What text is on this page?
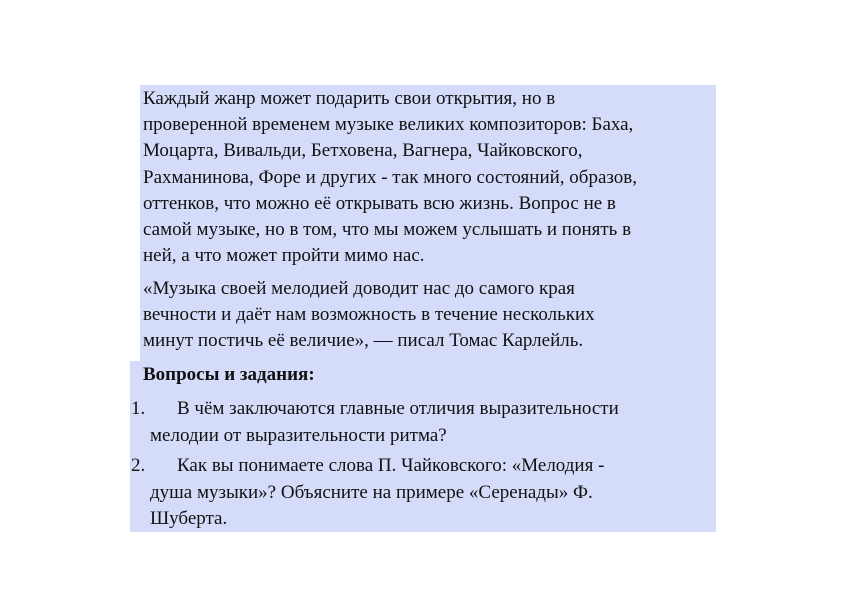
Каждый жанр может подарить свои открытия, но в
проверенной временем музыке великих композиторов: Баха,
Моцарта, Вивальди, Бетховена, Вагнера, Чайковского,
Рахманинова, Форе и других - так много состояний, образов,
оттенков, что можно её открывать всю жизнь. Вопрос не в
самой музыке, но в том, что мы можем услышать и понять в
ней, а что может пройти мимо нас.

«Музыка своей мелодией доводит нас до самого края
вечности и даёт нам возможность в течение нескольких
минут постичь её величие», — писал Томас Карлейль.

Вопросы и задания:

1.	В чём заключаются главные отличия выразительности
мелодии от выразительности ритма?
2.	Как вы понимаете слова П. Чайковского: «Мелодия -
душа музыки»? Объясните на примере «Серенады» Ф.
Шуберта.
